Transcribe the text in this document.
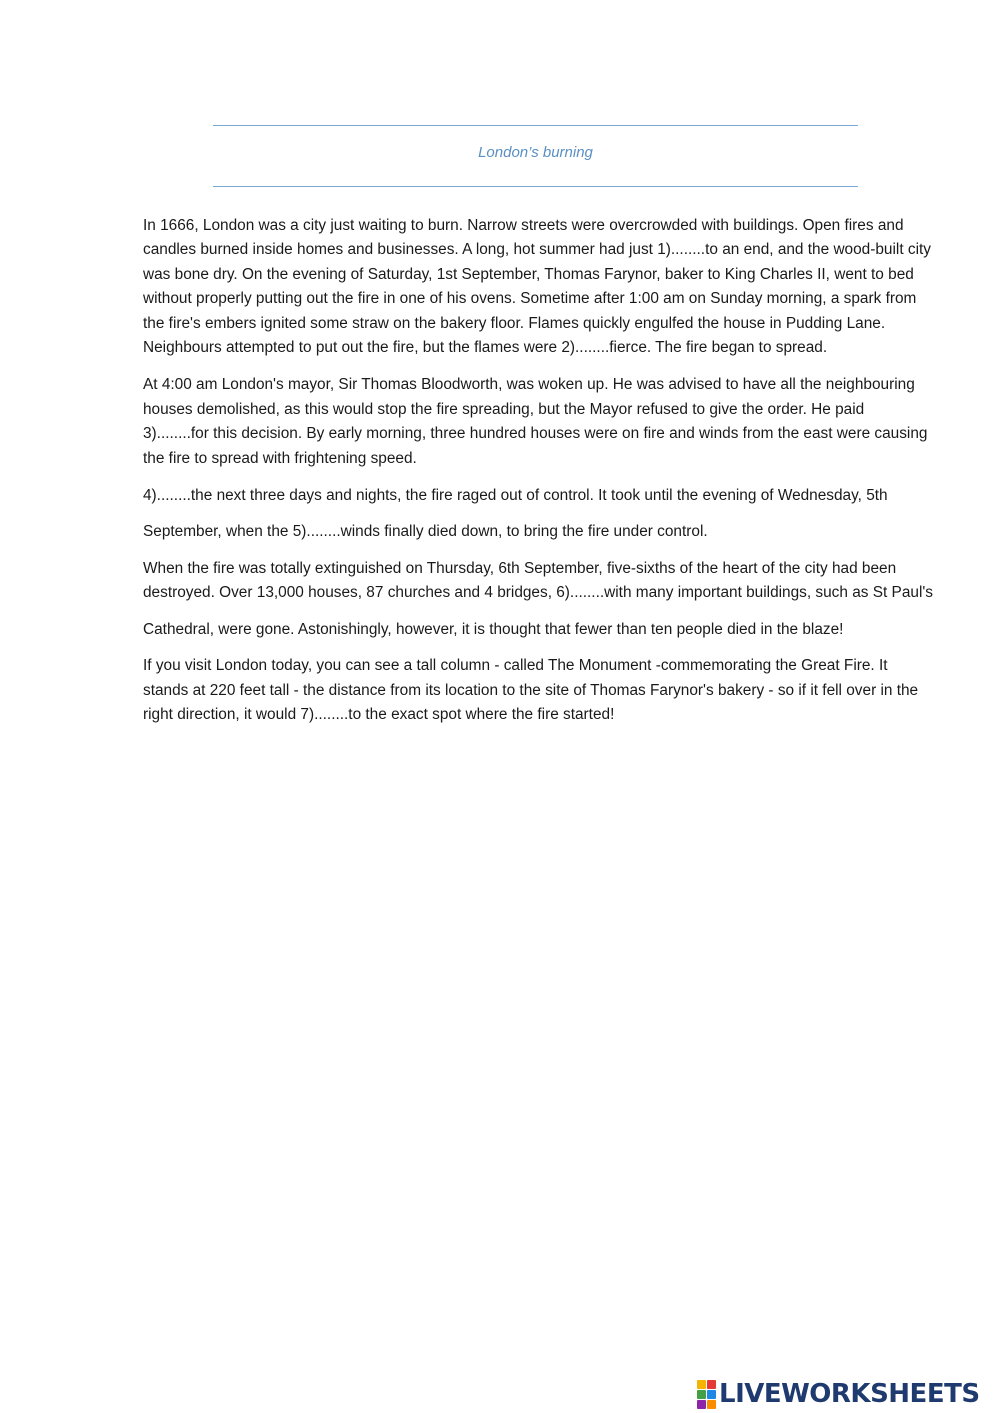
London’s burning

In 1666, London was a city just waiting to burn. Narrow streets were overcrowded with buildings. Open fires and candles burned inside homes and businesses. A long, hot summer had just 1)........to an end, and the wood-built city was bone dry. On the evening of Saturday, 1st September, Thomas Farynor, baker to King Charles II, went to bed without properly putting out the fire in one of his ovens. Sometime after 1:00 am on Sunday morning, a spark from the fire's embers ignited some straw on the bakery floor. Flames quickly engulfed the house in Pudding Lane. Neighbours attempted to put out the fire, but the flames were 2)........fierce. The fire began to spread.

At 4:00 am London's mayor, Sir Thomas Bloodworth, was woken up. He was advised to have all the neighbouring houses demolished, as this would stop the fire spreading, but the Mayor refused to give the order. He paid 3)........for this decision. By early morning, three hundred houses were on fire and winds from the east were causing the fire to spread with frightening speed.

4)........the next three days and nights, the fire raged out of control. It took until the evening of Wednesday, 5th

September, when the 5)........winds finally died down, to bring the fire under control.

When the fire was totally extinguished on Thursday, 6th September, five-sixths of the heart of the city had been destroyed. Over 13,000 houses, 87 churches and 4 bridges, 6)........with many important buildings, such as St Paul's

Cathedral, were gone. Astonishingly, however, it is thought that fewer than ten people died in the blaze!

If you visit London today, you can see a tall column - called The Monument -commemorating the Great Fire. It stands at 220 feet tall - the distance from its location to the site of Thomas Farynor's bakery - so if it fell over in the right direction, it would 7)........to the exact spot where the fire started!

LIVEWORKSHEETS
